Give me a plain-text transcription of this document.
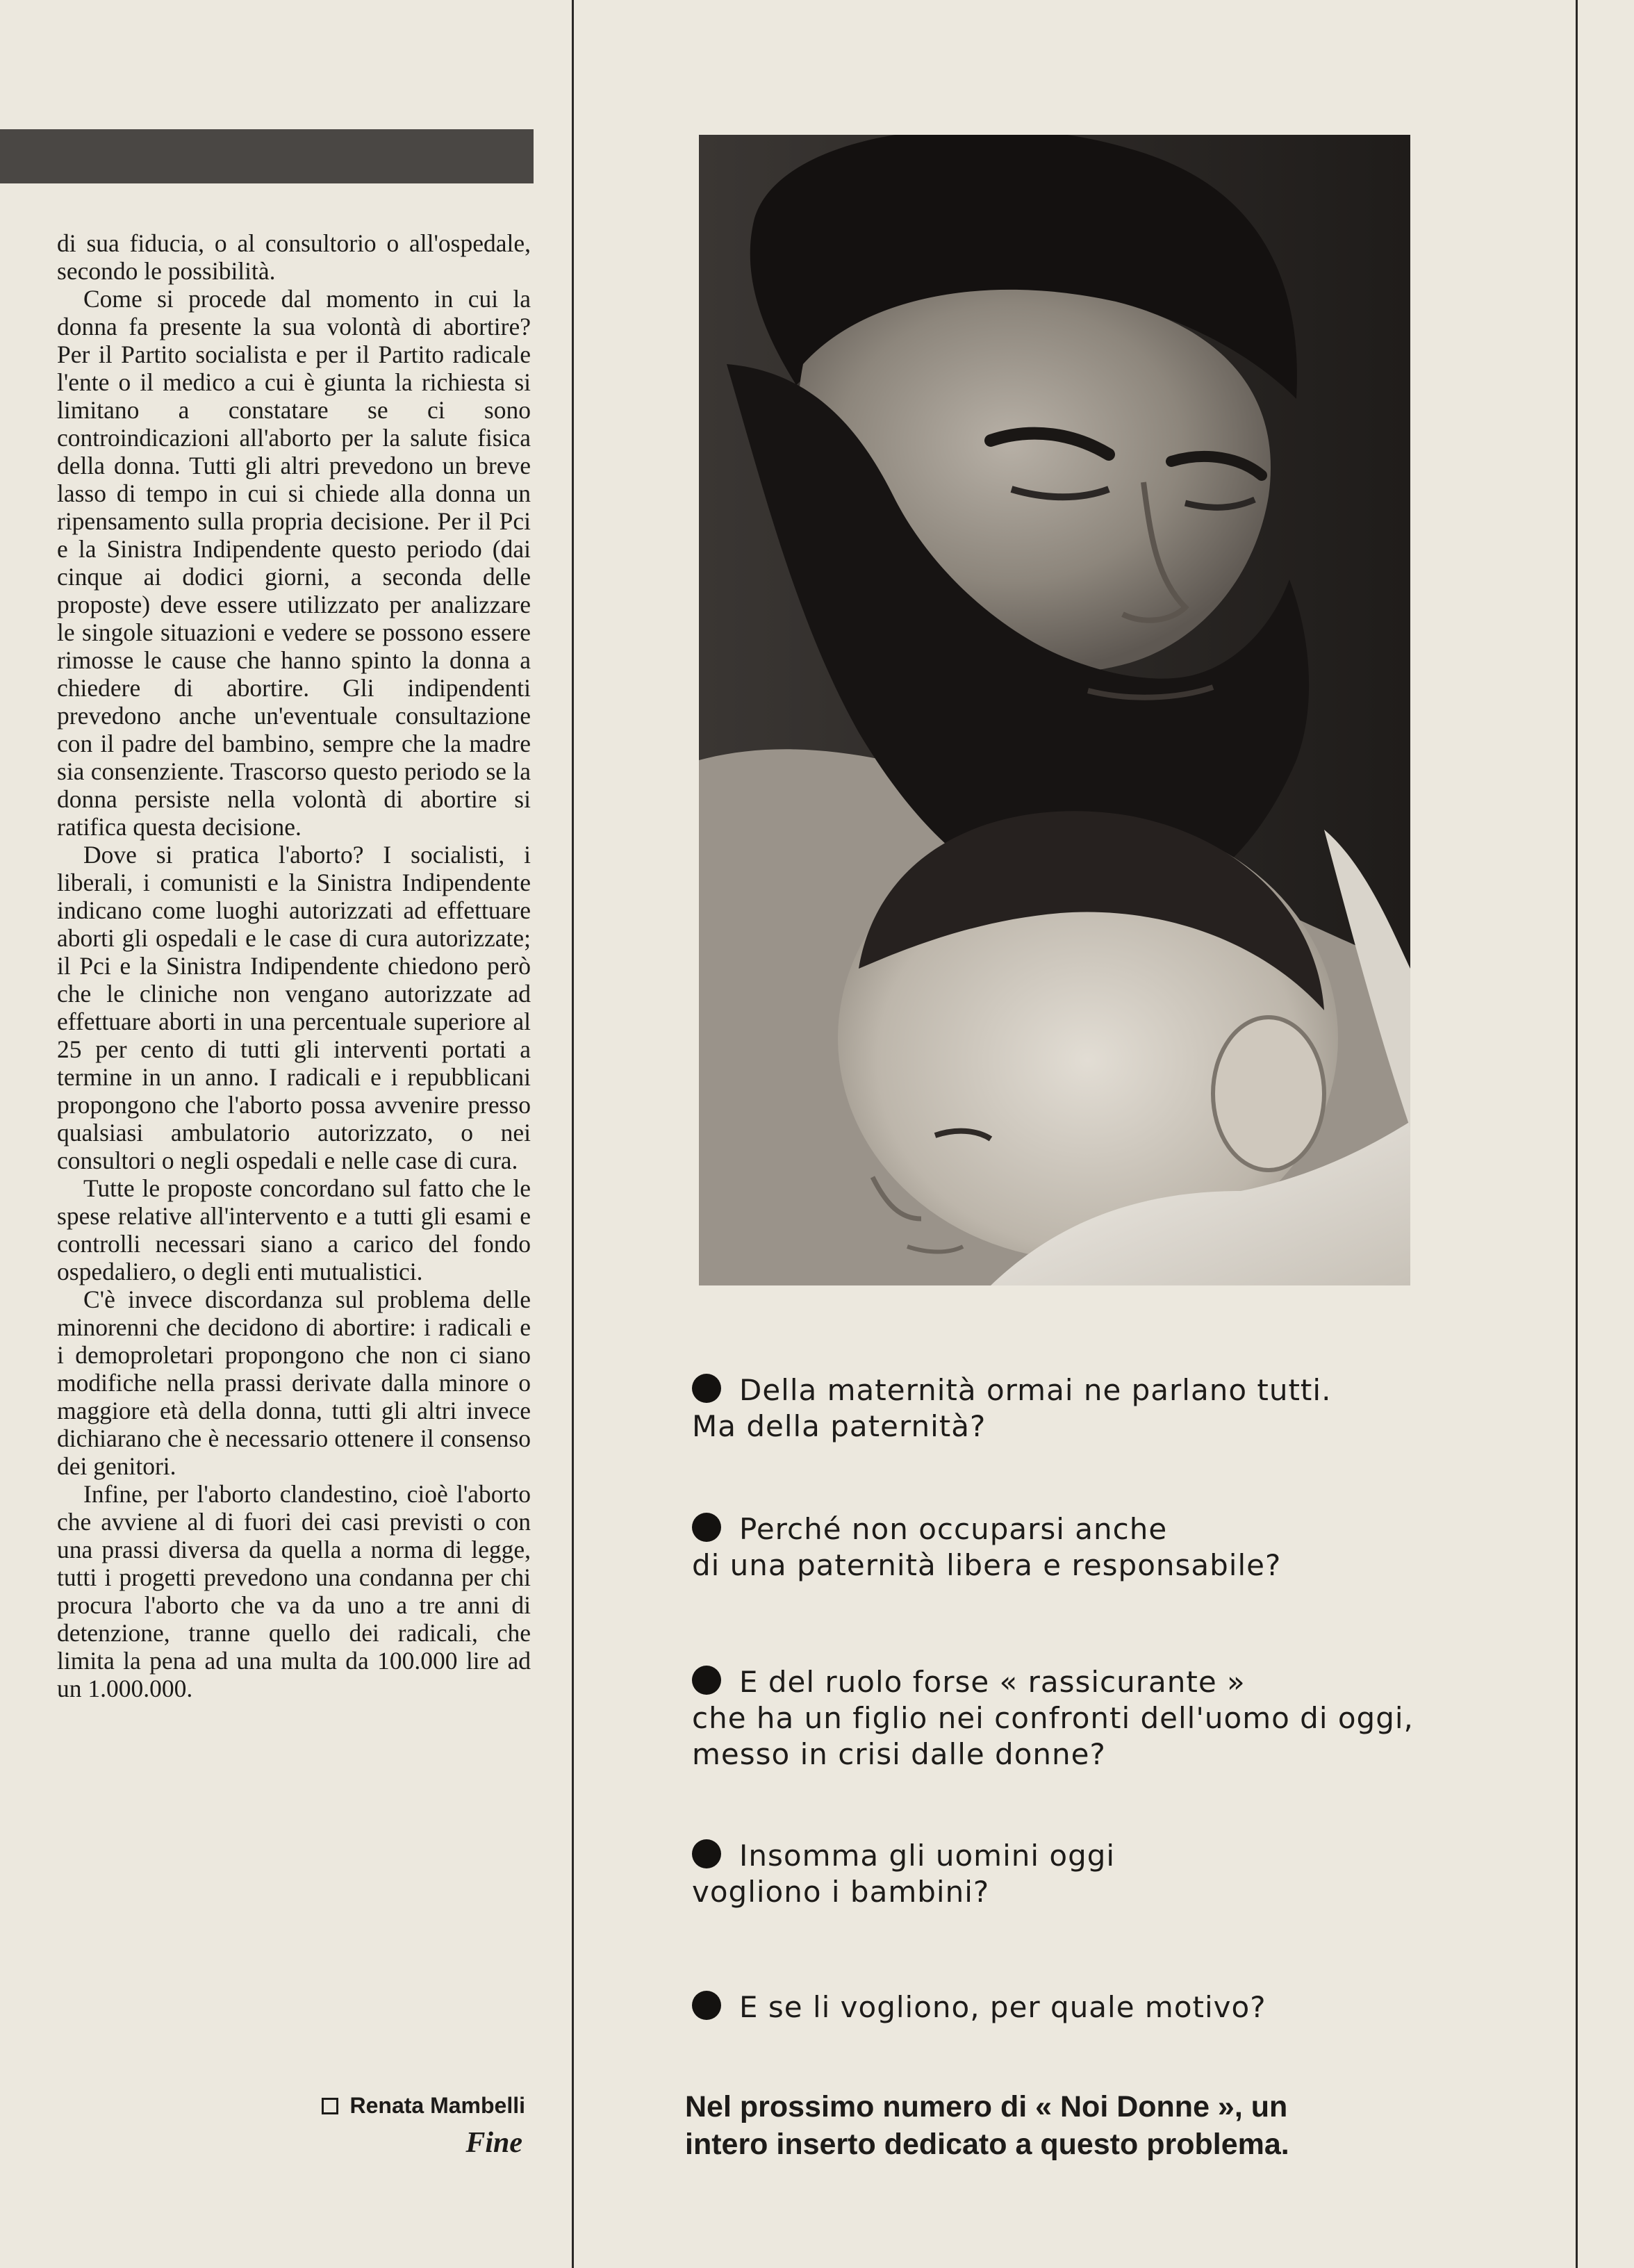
di sua fiducia, o al consultorio o all'ospedale, secondo le possibilità.

Come si procede dal momento in cui la donna fa presente la sua volontà di abortire? Per il Partito socialista e per il Partito radicale l'ente o il medico a cui è giunta la richiesta si limitano a constatare se ci sono controindicazioni all'aborto per la salute fisica della donna. Tutti gli altri prevedono un breve lasso di tempo in cui si chiede alla donna un ripensamento sulla propria decisione. Per il Pci e la Sinistra Indipendente questo periodo (dai cinque ai dodici giorni, a seconda delle proposte) deve essere utilizzato per analizzare le singole situazioni e vedere se possono essere rimosse le cause che hanno spinto la donna a chiedere di abortire. Gli indipendenti prevedono anche un'eventuale consultazione con il padre del bambino, sempre che la madre sia consenziente. Trascorso questo periodo se la donna persiste nella volontà di abortire si ratifica questa decisione.

Dove si pratica l'aborto? I socialisti, i liberali, i comunisti e la Sinistra Indipendente indicano come luoghi autorizzati ad effettuare aborti gli ospedali e le case di cura autorizzate; il Pci e la Sinistra Indipendente chiedono però che le cliniche non vengano autorizzate ad effettuare aborti in una percentuale superiore al 25 per cento di tutti gli interventi portati a termine in un anno. I radicali e i repubblicani propongono che l'aborto possa avvenire presso qualsiasi ambulatorio autorizzato, o nei consultori o negli ospedali e nelle case di cura.

Tutte le proposte concordano sul fatto che le spese relative all'intervento e a tutti gli esami e controlli necessari siano a carico del fondo ospedaliero, o degli enti mutualistici.

C'è invece discordanza sul problema delle minorenni che decidono di abortire: i radicali e i demoproletari propongono che non ci siano modifiche nella prassi derivate dalla minore o maggiore età della donna, tutti gli altri invece dichiarano che è necessario ottenere il consenso dei genitori.

Infine, per l'aborto clandestino, cioè l'aborto che avviene al di fuori dei casi previsti o con una prassi diversa da quella a norma di legge, tutti i progetti prevedono una condanna per chi procura l'aborto che va da uno a tre anni di detenzione, tranne quello dei radicali, che limita la pena ad una multa da 100.000 lire ad un 1.000.000.

Renata Mambelli
Fine
Della maternità ormai ne parlano tutti.
Ma della paternità?
Perché non occuparsi anche
di una paternità libera e responsabile?
E del ruolo forse « rassicurante »
che ha un figlio nei confronti dell'uomo di oggi,
messo in crisi dalle donne?
Insomma gli uomini oggi
vogliono i bambini?
E se li vogliono, per quale motivo?
Nel prossimo numero di « Noi Donne », un
intero inserto dedicato a questo problema.
